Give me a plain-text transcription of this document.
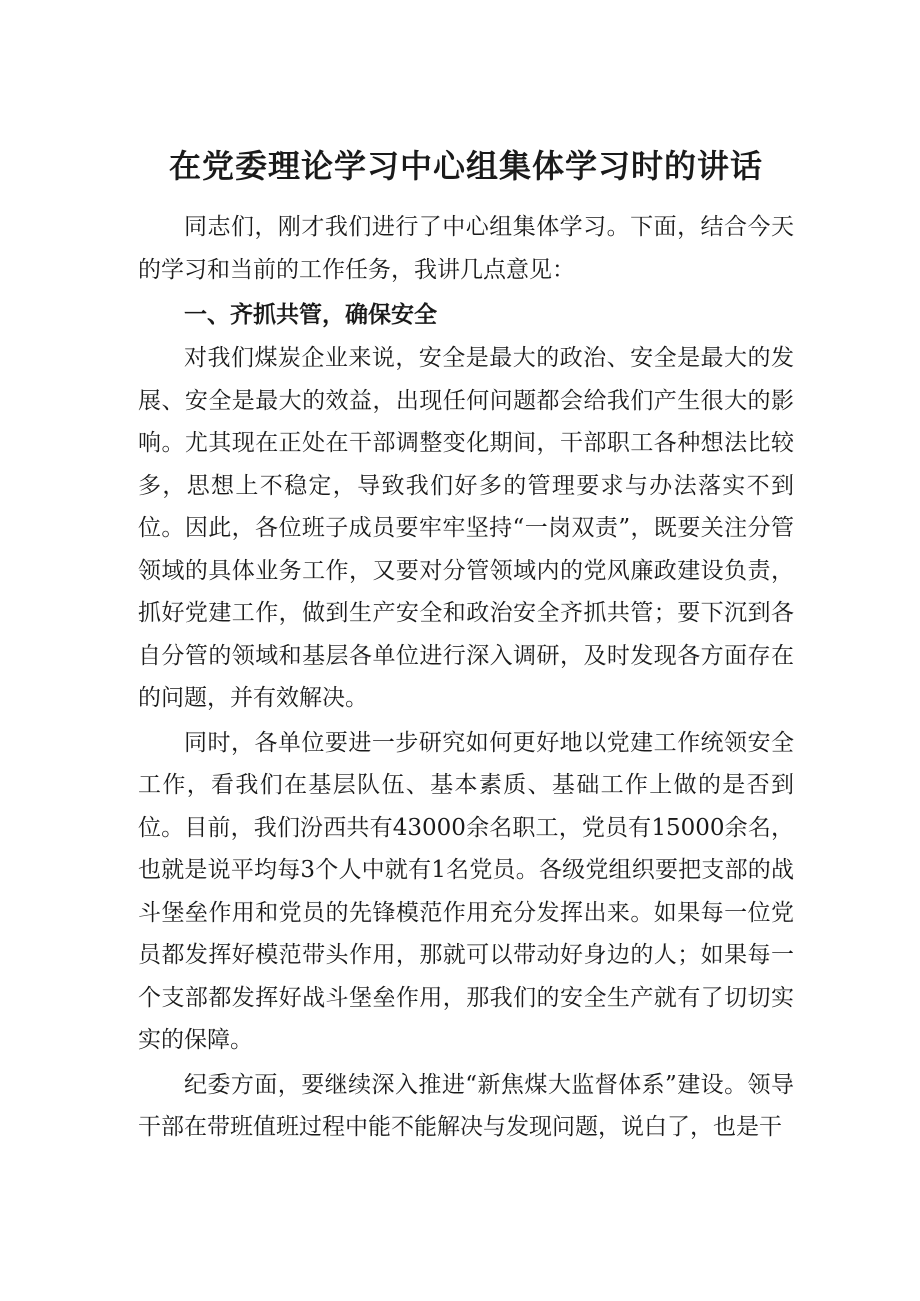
在党委理论学习中心组集体学习时的讲话

同志们，刚才我们进行了中心组集体学习。下面，结合今天的学习和当前的工作任务，我讲几点意见：

一、齐抓共管，确保安全

对我们煤炭企业来说，安全是最大的政治、安全是最大的发展、安全是最大的效益，出现任何问题都会给我们产生很大的影响。尤其现在正处在干部调整变化期间，干部职工各种想法比较多，思想上不稳定，导致我们好多的管理要求与办法落实不到位。因此，各位班子成员要牢牢坚持“一岗双责”，既要关注分管领域的具体业务工作，又要对分管领域内的党风廉政建设负责，抓好党建工作，做到生产安全和政治安全齐抓共管；要下沉到各自分管的领域和基层各单位进行深入调研，及时发现各方面存在的问题，并有效解决。

同时，各单位要进一步研究如何更好地以党建工作统领安全工作，看我们在基层队伍、基本素质、基础工作上做的是否到位。目前，我们汾西共有43000余名职工，党员有15000余名，也就是说平均每3个人中就有1名党员。各级党组织要把支部的战斗堡垒作用和党员的先锋模范作用充分发挥出来。如果每一位党员都发挥好模范带头作用，那就可以带动好身边的人；如果每一个支部都发挥好战斗堡垒作用，那我们的安全生产就有了切切实实的保障。

纪委方面，要继续深入推进“新焦煤大监督体系”建设。领导干部在带班值班过程中能不能解决与发现问题，说白了，也是干
